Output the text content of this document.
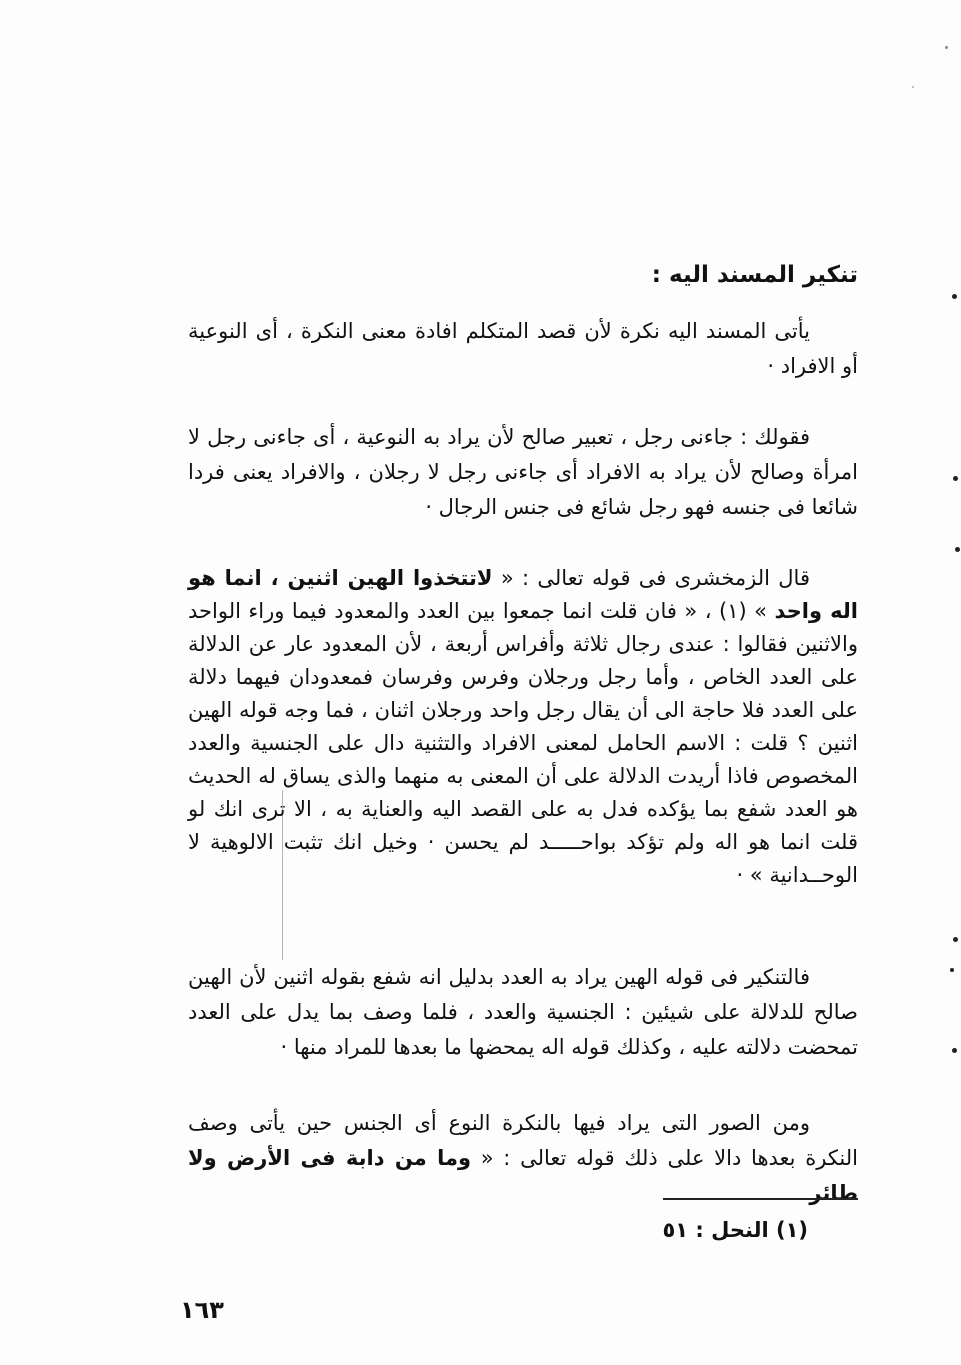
تنكير المسند اليه :
يأتى المسند اليه نكرة لأن قصد المتكلم افادة معنى النكرة ، أى النوعية أو الافراد ·
فقولك : جاءنى رجل ، تعبير صالح لأن يراد به النوعية ، أى جاءنى رجل لا امرأة وصالح لأن يراد به الافراد أى جاءنى رجل لا رجلان ، والافراد يعنى فردا شائعا فى جنسه فهو رجل شائع فى جنس الرجال ·
قال الزمخشرى فى قوله تعالى : « لاتتخذوا الهين اثنين ، انما هو اله واحد » (١) ، « فان قلت انما جمعوا بين العدد والمعدود فيما وراء الواحد والاثنين فقالوا : عندى رجال ثلاثة وأفراس أربعة ، لأن المعدود عار عن الدلالة على العدد الخاص ، وأما رجل ورجلان وفرس وفرسان فمعدودان فيهما دلالة على العدد فلا حاجة الى أن يقال رجل واحد ورجلان اثنان ، فما وجه قوله الهين اثنين ؟ قلت : الاسم الحامل لمعنى الافراد والتثنية دال على الجنسية والعدد المخصوص فاذا أريدت الدلالة على أن المعنى به منهما والذى يساق له الحديث هو العدد شفع بما يؤكده فدل به على القصد اليه والعناية به ، الا ترى انك لو قلت انما هو اله ولم تؤكد بواحـــــد لم يحسن · وخيل انك تثبت الالوهية لا الوحــدانية » ·
فالتنكير فى قوله الهين يراد به العدد بدليل انه شفع بقوله اثنين لأن الهين صالح للدلالة على شيئين : الجنسية والعدد ، فلما وصف بما يدل على العدد تمحضت دلالته عليه ، وكذلك قوله اله يمحضها ما بعدها للمراد منها ·
ومن الصور التى يراد فيها بالنكرة النوع أى الجنس حين يأتى وصف النكرة بعدها دالا على ذلك قوله تعالى : « وما من دابة فى الأرض ولا طائر
(١) النحل : ٥١
١٦٣
